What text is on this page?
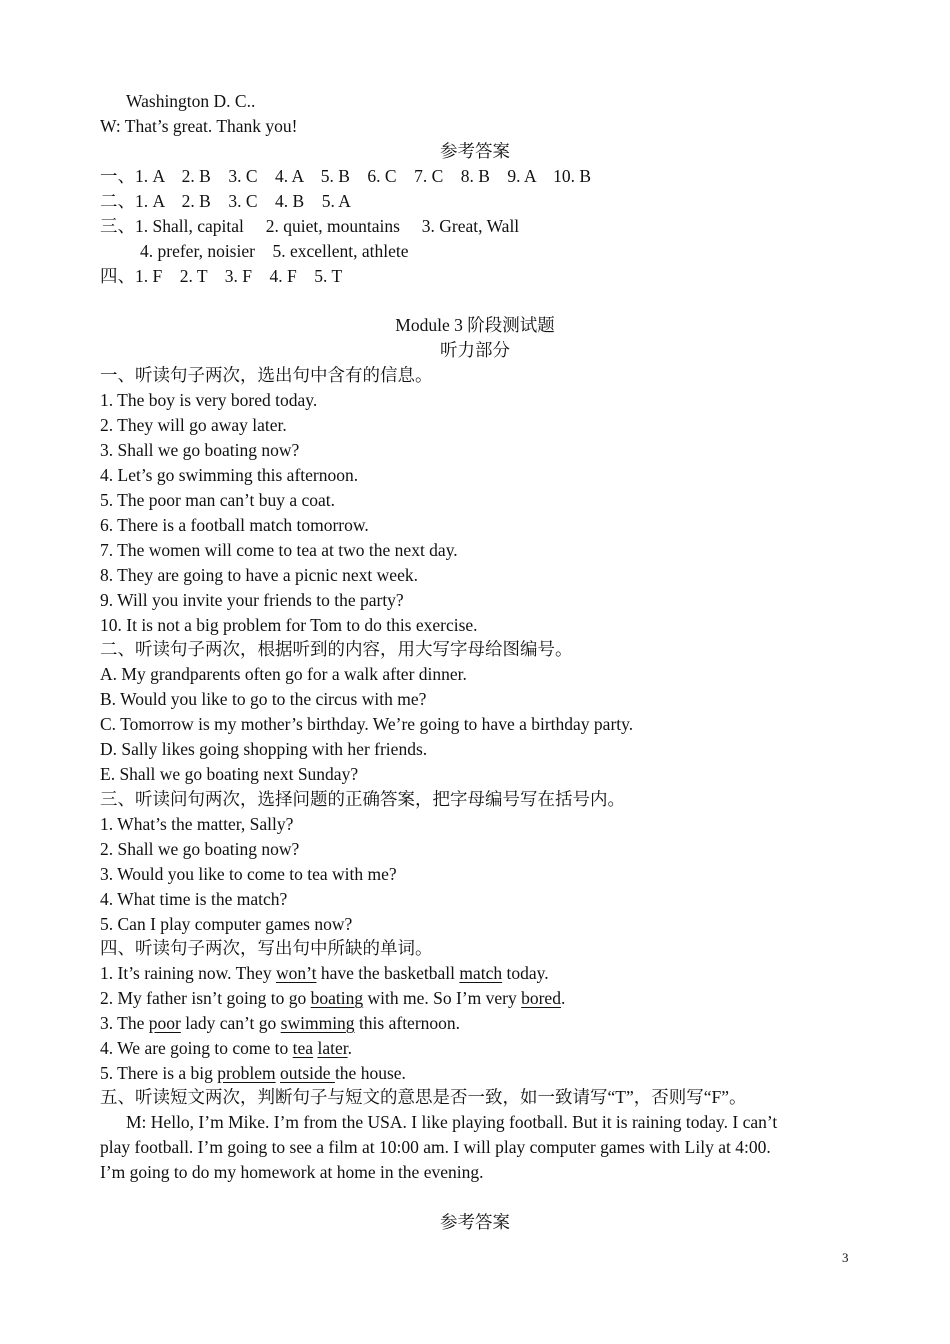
Washington D. C..
W: That’s great. Thank you!
参考答案
一、1. A    2. B    3. C    4. A    5. B    6. C    7. C    8. B    9. A    10. B
二、1. A    2. B    3. C    4. B    5. A
三、1. Shall, capital     2. quiet, mountains     3. Great, Wall
4. prefer, noisier    5. excellent, athlete
四、1. F    2. T    3. F    4. F    5. T
Module 3 阶段测试题
听力部分
一、听读句子两次，选出句中含有的信息。
1. The boy is very bored today.
2. They will go away later.
3. Shall we go boating now?
4. Let’s go swimming this afternoon.
5. The poor man can’t buy a coat.
6. There is a football match tomorrow.
7. The women will come to tea at two the next day.
8. They are going to have a picnic next week.
9. Will you invite your friends to the party?
10. It is not a big problem for Tom to do this exercise.
二、听读句子两次，根据听到的内容，用大写字母给图编号。
A. My grandparents often go for a walk after dinner.
B. Would you like to go to the circus with me?
C. Tomorrow is my mother’s birthday. We’re going to have a birthday party.
D. Sally likes going shopping with her friends.
E. Shall we go boating next Sunday?
三、听读问句两次，选择问题的正确答案，把字母编号写在括号内。
1. What’s the matter, Sally?
2. Shall we go boating now?
3. Would you like to come to tea with me?
4. What time is the match?
5. Can I play computer games now?
四、听读句子两次，写出句中所缺的单词。
1. It’s raining now. They won’t have the basketball match today.
2. My father isn’t going to go boating with me. So I’m very bored.
3. The poor lady can’t go swimming this afternoon.
4. We are going to come to tea later.
5. There is a big problem outside the house.
五、听读短文两次，判断句子与短文的意思是否一致，如一致请写“T”，否则写“F”。
M: Hello, I’m Mike. I’m from the USA. I like playing football. But it is raining today. I can’t
play football. I’m going to see a film at 10:00 am. I will play computer games with Lily at 4:00.
I’m going to do my homework at home in the evening.
参考答案
3
